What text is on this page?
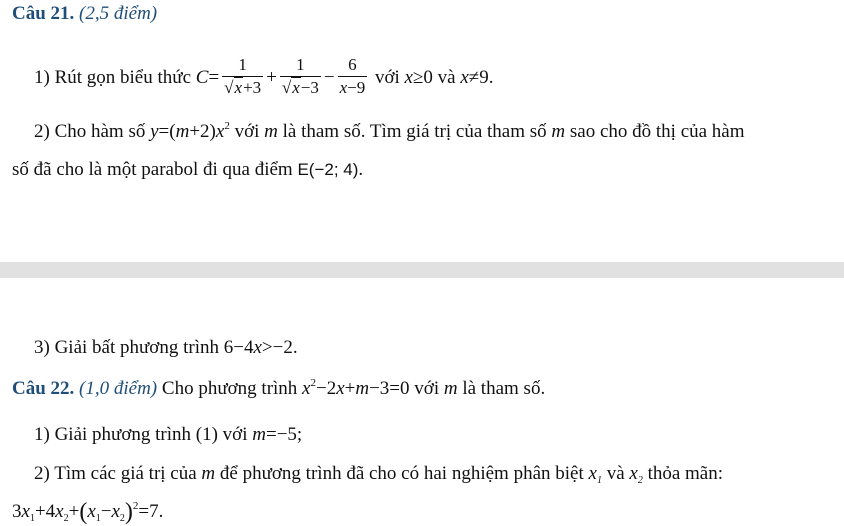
Câu 21. (2,5 điểm)
1) Rút gọn biểu thức $C= \frac{1}{√x+3} + \frac{1}{√x-3} - \frac{6}{x-9}$ với x≥0 và x≠9.
2) Cho hàm số $y=(m+2)x^2$ với m là tham số. Tìm giá trị của tham số m sao cho đồ thị của hàm
số đã cho là một parabol đi qua điểm E(−2; 4).
3) Giải bất phương trình 6−4x>−2.
Câu 22. (1,0 điểm) Cho phương trình $x^2-2x+m-3=0$ với m là tham số.
1) Giải phương trình (1) với m=−5;
2) Tìm các giá trị của m để phương trình đã cho có hai nghiệm phân biệt $x_1$ và $x_2$ thỏa mãn:
$3x_1+4x_2+(x_1-x_2)^2=7$.
